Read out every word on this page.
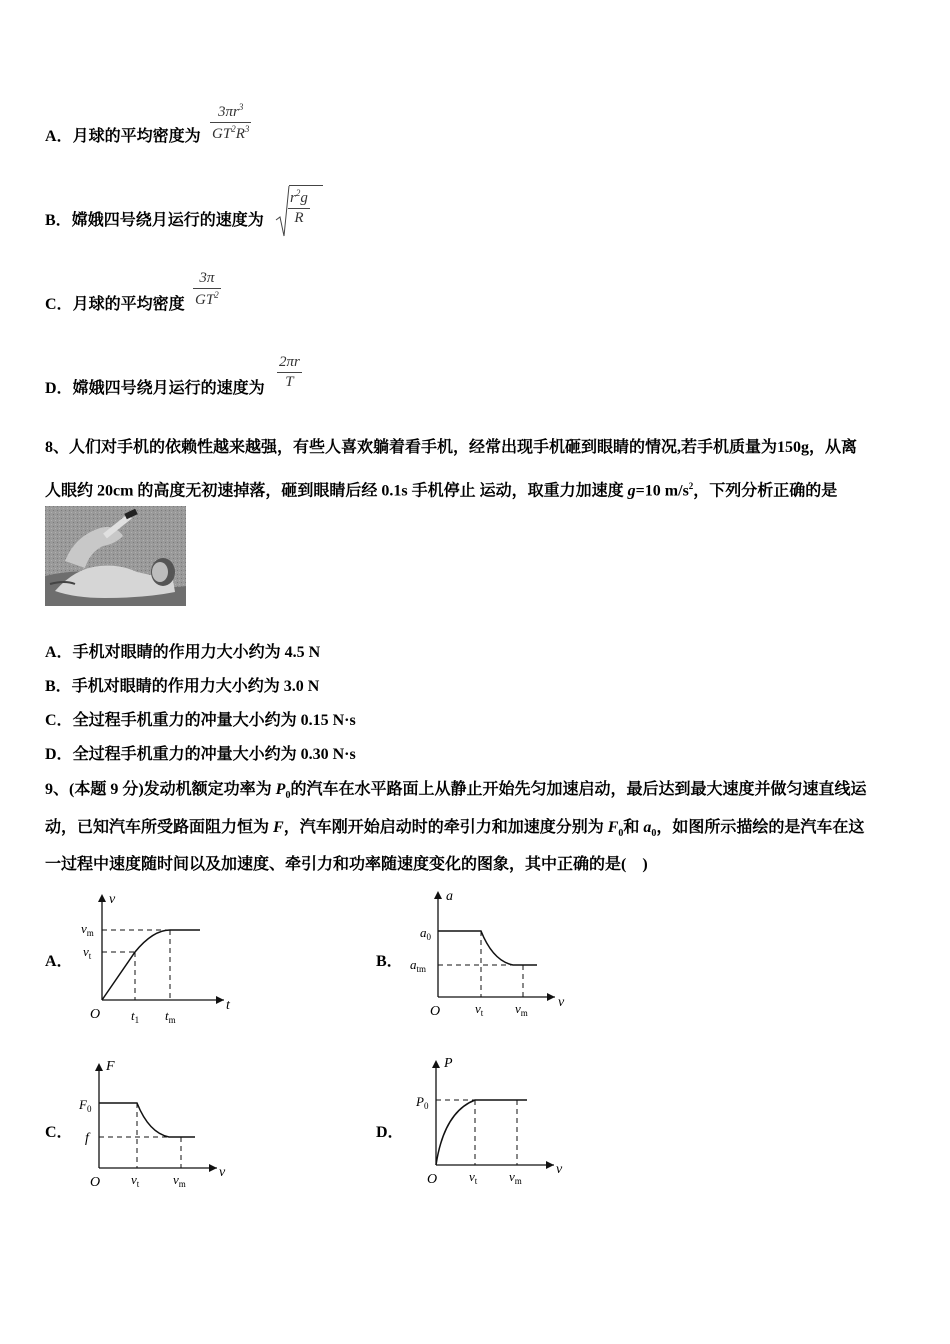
A．月球的平均密度为
$3\pi r^3$
$GT^2R^3$
B．嫦娥四号绕月运行的速度为
$r^2g$
R
C．月球的平均密度
3π
$GT^2$
D．嫦娥四号绕月运行的速度为
2πr
T
8、人们对手机的依赖性越来越强，有些人喜欢躺着看手机，经常出现手机砸到眼睛的情况,若手机质量为150g，从离
人眼约 20cm 的高度无初速掉落，砸到眼睛后经 0.1s 手机停止 运动，取重力加速度 g=10 $m/s^2$，下列分析正确的是
A．手机对眼睛的作用力大小约为 4.5 N
B．手机对眼睛的作用力大小约为 3.0 N
C．全过程手机重力的冲量大小约为 0.15 N·s
D．全过程手机重力的冲量大小约为 0.30 N·s
9、(本题 9 分)发动机额定功率为 $P_0$的汽车在水平路面上从静止开始先匀加速启动，最后达到最大速度并做匀速直线运
动，已知汽车所受路面阻力恒为 F，汽车刚开始启动时的牵引力和加速度分别为 $F_0$和 $a_0$，如图所示描绘的是汽车在这
一过程中速度随时间以及加速度、牵引力和功率随速度变化的图象，其中正确的是(　)
A．
v
t
O
$v_m$
$v_t$
$t_1$ $t_m$
B．
a
v
O
$a_0$
$a_{tm}$
$v_t$ $v_m$
C．
F
v
O
$F_0$
f
$v_t$	$v_m$
D．
P
v
O
$P_0$
$v_t$ $v_m$
